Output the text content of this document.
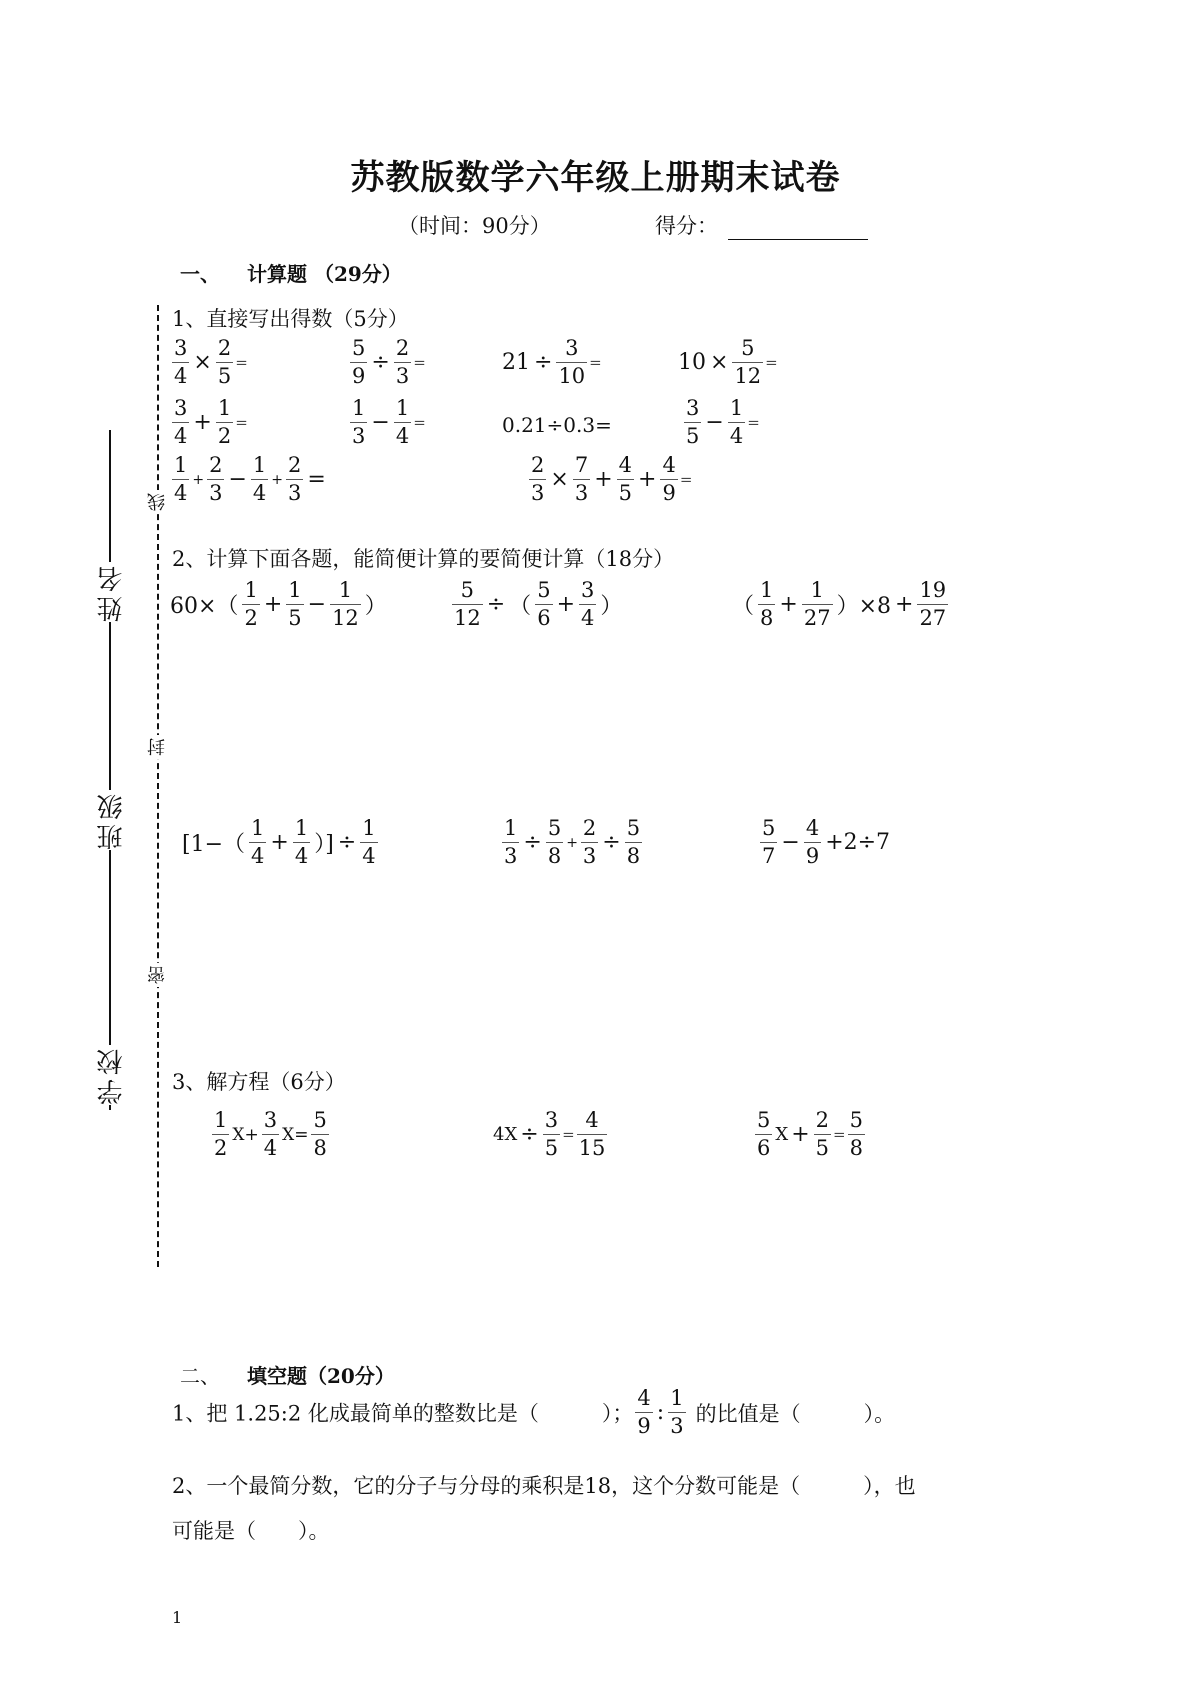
苏教版数学六年级上册期末试卷
（时间：90分）	得分：
线
封
密
姓名
班级
学校
一、 计算题 （29分）
1、直接写出得数（5分）
$\frac{3}{4} \times \frac{2}{5}$ =	$\frac{5}{9} \div \frac{2}{3}$ =	$21 \div \frac{3}{10}$ =	$10 \times \frac{5}{12}$ =
$\frac{3}{4} + \frac{1}{2}$ =	$\frac{1}{3} - \frac{1}{4}$ =	0.21÷0.3=	$\frac{3}{5} - \frac{1}{4}$ =
$\frac{1}{4} + \frac{2}{3} - \frac{1}{4} + \frac{2}{3}$ =	$\frac{2}{3} \times \frac{7}{3} + \frac{4}{5} + \frac{4}{9}$ =
2、计算下面各题，能简便计算的要简便计算（18分）
$60\times( \frac{1}{2} + \frac{1}{5} - \frac{1}{12}$ ）	$\frac{5}{12}$ ÷ （ $\frac{5}{6} + \frac{3}{4}$ ）	（ $\frac{1}{8} + \frac{1}{27} )\times 8 + \frac{19}{27}$
[$1-( \frac{1}{4} + \frac{1}{4}$ ）] ÷ $\frac{1}{4}$	$\frac{1}{3} \div \frac{5}{8} + \frac{2}{3} \div \frac{5}{8}$	$\frac{5}{7} - \frac{4}{9} +2\div 7$
3、解方程（6分）
$\frac{1}{2} X+ \frac{3}{4} X= \frac{5}{8}$	$4X \div \frac{3}{5} = \frac{4}{15}$	$\frac{5}{6}$ $X + \frac{2}{5} = \frac{5}{8}$
二、 填空题（20分）
1、把 1.25:2 化成最简单的整数比是（　　　）； $\frac{4}{9}$ : $\frac{1}{3}$ 的比值是（　　　）。
2、一个最简分数，它的分子与分母的乘积是18，这个分数可能是（　　　），也
可能是（　　）。
1
